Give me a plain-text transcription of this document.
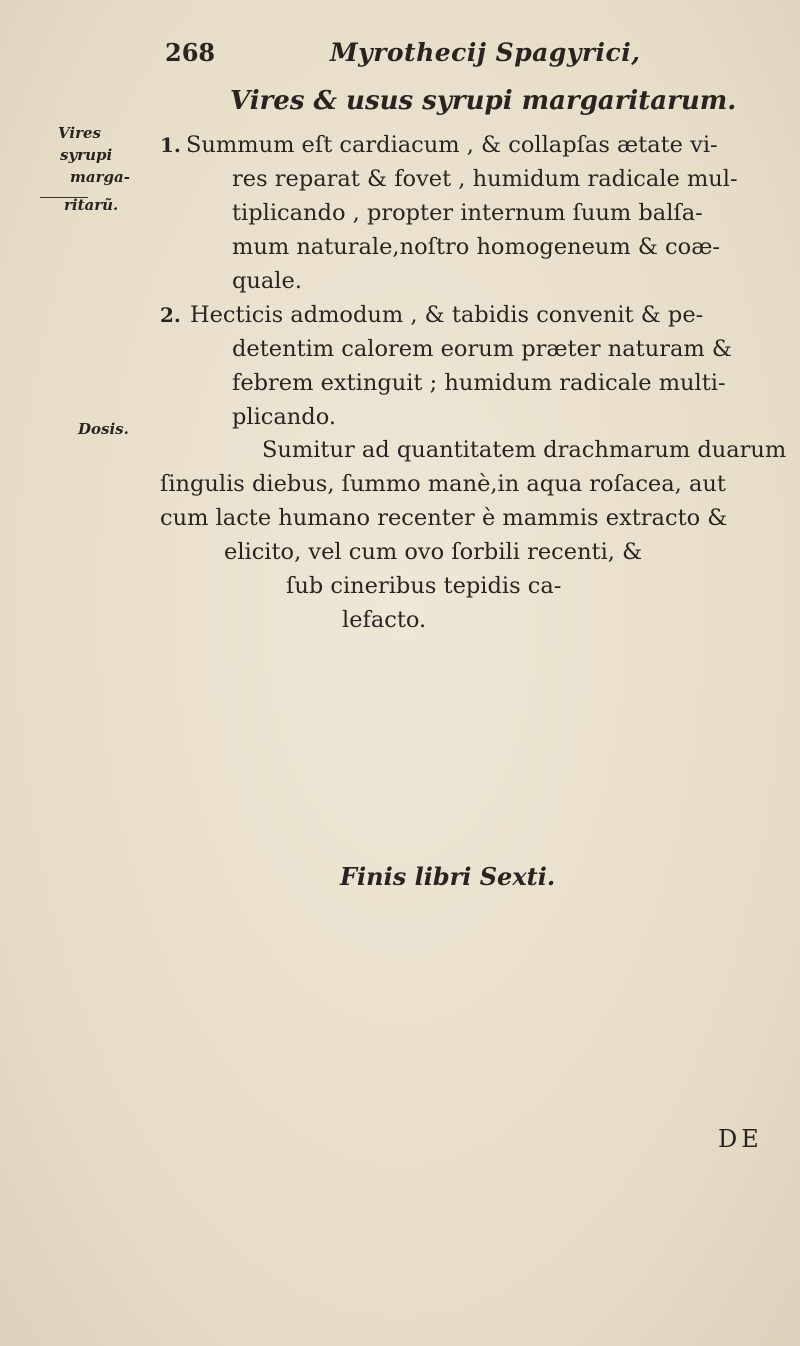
268	Myrothecij Spagyrici,
Vires & usus syrupi margaritarum.
Vires
syrupi
marga-
ritarũ.
Dosis.
1. Summum eſt cardiacum , & collapſas ætate vi-
res reparat & fovet , humidum radicale mul-
tiplicando , propter internum ſuum balſa-
mum naturale,noſtro homogeneum & coæ-
quale.
2. Hecticis admodum , & tabidis convenit & pe-
detentim calorem eorum præter naturam &
febrem extinguit ; humidum radicale multi-
plicando.
Sumitur ad quantitatem drachmarum duarum
ſingulis diebus, ſummo manè,in aqua roſacea, aut
cum lacte humano recenter è mammis extracto &
elicito, vel cum ovo ſorbili recenti, &
ſub cineribus tepidis ca-
lefacto.
Finis libri Sexti.
DE
